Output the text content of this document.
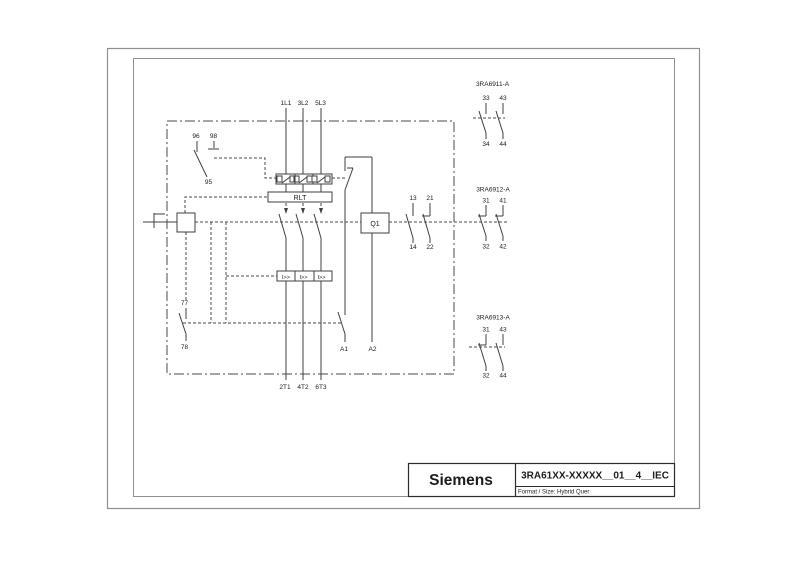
1L1 3L2 5L3
2T1 4T2 6T3
96 98
95
77
78
RLT
Q1
I>> I>> I>>
13
14
21
22
A1	A2
3RA6911-A
33 43
34 44
3RA6912-A
31 41
32 42
3RA6913-A
31 43
32 44
Siemens	3RA61XX-XXXXX__01__4__IEC
Format / Size: Hybrid Quer
